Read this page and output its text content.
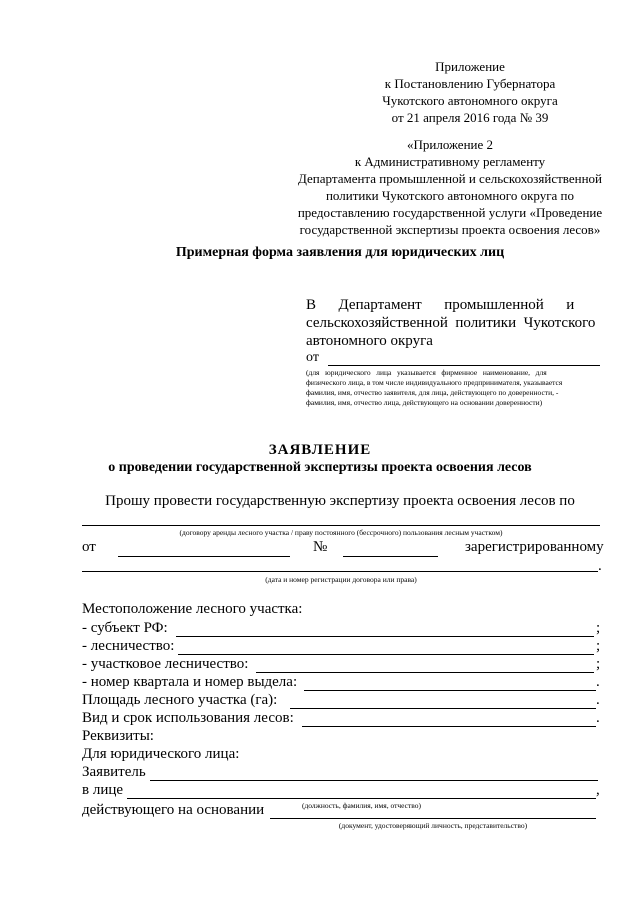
Приложение
к Постановлению Губернатора
Чукотского автономного округа
от 21 апреля 2016 года № 39
«Приложение 2
к Административному регламенту
Департамента промышленной и сельскохозяйственной
политики Чукотского автономного округа по
предоставлению государственной услуги «Проведение
государственной экспертизы проекта освоения лесов»
Примерная форма заявления для юридических лиц
В      Департамент      промышленной      и
сельскохозяйственной  политики  Чукотского
автономного округа
от
(для   юридического   лица   указывается   фирменное   наименование,   для
физического лица, в том числе индивидуального предпринимателя, указывается
фамилия, имя, отчество заявителя, для лица, действующего по доверенности, -
фамилия, имя, отчество лица, действующего на основании доверенности)
ЗАЯВЛЕНИЕ
о проведении государственной экспертизы проекта освоения лесов
Прошу провести государственную экспертизу проекта освоения лесов по
(договору аренды лесного участка / праву постоянного (бессрочного) пользования лесным участком)
от	№	зарегистрированному
.
(дата и номер регистрации договора или права)
Местоположение лесного участка:
- субъект РФ:	;
- лесничество:	;
- участковое лесничество:	;
- номер квартала и номер выдела:	.
Площадь лесного участка (га):	.
Вид и срок использования лесов:	.
Реквизиты:
Для юридического лица:
Заявитель
в лице	,
(должность, фамилия, имя, отчество)
действующего на основании
(документ, удостоверяющий личность, представительство)
